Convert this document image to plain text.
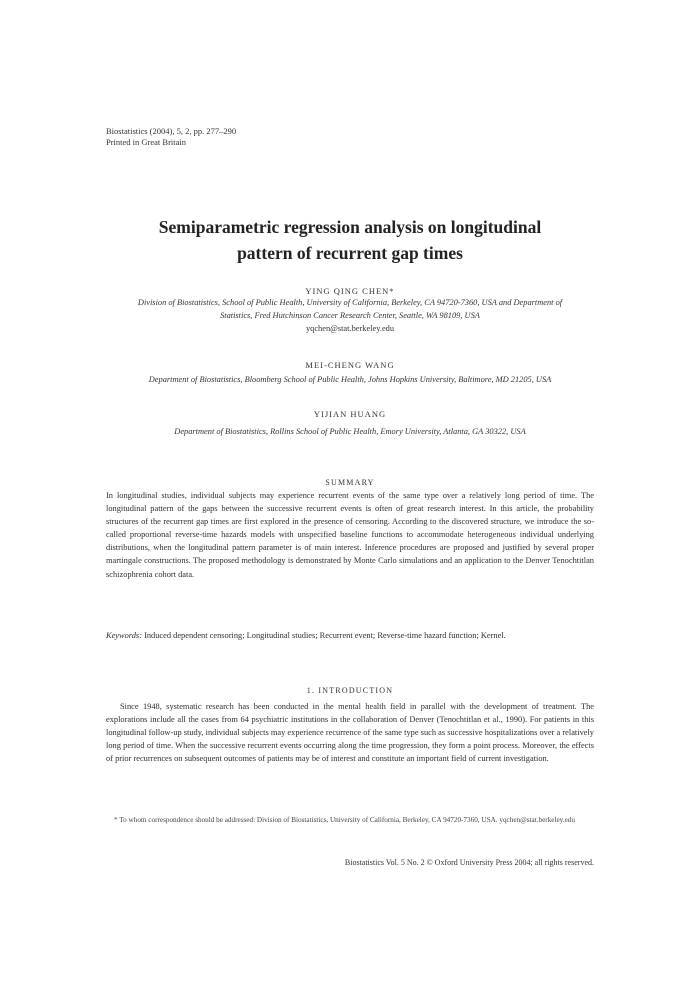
Biostatistics (2004), 5, 2, pp. 277–290
Printed in Great Britain
Semiparametric regression analysis on longitudinal
pattern of recurrent gap times
YING QING CHEN*
Division of Biostatistics, School of Public Health, University of California, Berkeley, CA 94720-7360, USA and Department of Statistics, Fred Hutchinson Cancer Research Center, Seattle, WA 98109, USA
yqchen@stat.berkeley.edu
MEI-CHENG WANG
Department of Biostatistics, Bloomberg School of Public Health, Johns Hopkins University, Baltimore, MD 21205, USA
YIJIAN HUANG
Department of Biostatistics, Rollins School of Public Health, Emory University, Atlanta, GA 30322, USA
SUMMARY
In longitudinal studies, individual subjects may experience recurrent events of the same type over a relatively long period of time. The longitudinal pattern of the gaps between the successive recurrent events is often of great research interest. In this article, the probability structures of the recurrent gap times are first explored in the presence of censoring. According to the discovered structure, we introduce the so-called proportional reverse-time hazards models with unspecified baseline functions to accommodate heterogeneous individual underlying distributions, when the longitudinal pattern parameter is of main interest. Inference procedures are proposed and justified by several proper martingale constructions. The proposed methodology is demonstrated by Monte Carlo simulations and an application to the Denver Tenochtitlan schizophrenia cohort data.
Keywords: Induced dependent censoring; Longitudinal studies; Recurrent event; Reverse-time hazard function; Kernel.
1. INTRODUCTION
Since 1948, systematic research has been conducted in the mental health field in parallel with the development of treatment. The explorations include all the cases from 64 psychiatric institutions in the collaboration of Denver (Tenochtitlan et al., 1990). For patients in this longitudinal follow-up study, individual subjects may experience recurrence of the same type such as successive hospitalizations over a relatively long period of time. When the successive recurrent events occurring along the time progression, they form a point process. Moreover, the effects of prior recurrences on subsequent outcomes of patients may be of interest and constitute an important field of current investigation.
* To whom correspondence should be addressed: Division of Biostatistics, University of California, Berkeley, CA 94720-7360, USA. yqchen@stat.berkeley.edu
Biostatistics Vol. 5 No. 2 © Oxford University Press 2004; all rights reserved.
